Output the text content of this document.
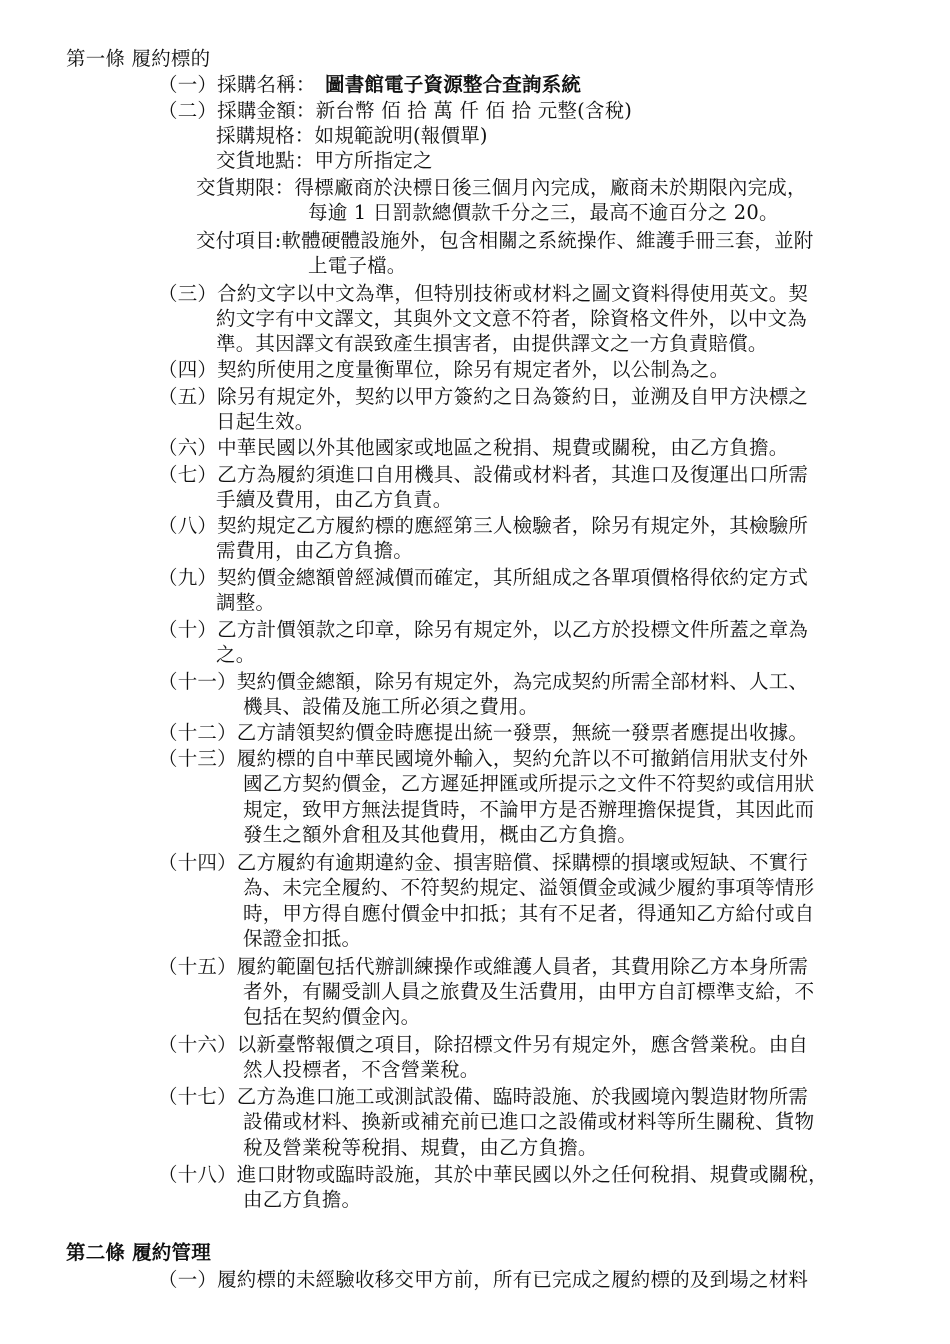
第一條 履約標的
（一）採購名稱： 圖書館電子資源整合查詢系統
（二）採購金額：新台幣 佰 拾 萬 仟 佰 拾 元整(含稅)
採購規格：如規範說明(報價單)
交貨地點：甲方所指定之
交貨期限：得標廠商於決標日後三個月內完成，廠商未於期限內完成，
每逾 1 日罰款總價款千分之三，最高不逾百分之 20。
交付項目:軟體硬體設施外，包含相關之系統操作、維護手冊三套，並附
上電子檔。
（三）合約文字以中文為準，但特別技術或材料之圖文資料得使用英文。契
約文字有中文譯文，其與外文文意不符者，除資格文件外，以中文為
準。其因譯文有誤致產生損害者，由提供譯文之一方負責賠償。
（四）契約所使用之度量衡單位，除另有規定者外，以公制為之。
（五）除另有規定外，契約以甲方簽約之日為簽約日，並溯及自甲方決標之
日起生效。
（六）中華民國以外其他國家或地區之稅捐、規費或關稅，由乙方負擔。
（七）乙方為履約須進口自用機具、設備或材料者，其進口及復運出口所需
手續及費用，由乙方負責。
（八）契約規定乙方履約標的應經第三人檢驗者，除另有規定外，其檢驗所
需費用，由乙方負擔。
（九）契約價金總額曾經減價而確定，其所組成之各單項價格得依約定方式
調整。
（十）乙方計價領款之印章，除另有規定外，以乙方於投標文件所蓋之章為
之。
（十一）契約價金總額，除另有規定外，為完成契約所需全部材料、人工、
機具、設備及施工所必須之費用。
（十二）乙方請領契約價金時應提出統一發票，無統一發票者應提出收據。
（十三）履約標的自中華民國境外輸入，契約允許以不可撤銷信用狀支付外
國乙方契約價金，乙方遲延押匯或所提示之文件不符契約或信用狀
規定，致甲方無法提貨時，不論甲方是否辦理擔保提貨，其因此而
發生之額外倉租及其他費用，概由乙方負擔。
（十四）乙方履約有逾期違約金、損害賠償、採購標的損壞或短缺、不實行
為、未完全履約、不符契約規定、溢領價金或減少履約事項等情形
時，甲方得自應付價金中扣抵；其有不足者，得通知乙方給付或自
保證金扣抵。
（十五）履約範圍包括代辦訓練操作或維護人員者，其費用除乙方本身所需
者外，有關受訓人員之旅費及生活費用，由甲方自訂標準支給，不
包括在契約價金內。
（十六）以新臺幣報價之項目，除招標文件另有規定外，應含營業稅。由自
然人投標者，不含營業稅。
（十七）乙方為進口施工或測試設備、臨時設施、於我國境內製造財物所需
設備或材料、換新或補充前已進口之設備或材料等所生關稅、貨物
稅及營業稅等稅捐、規費，由乙方負擔。
（十八）進口財物或臨時設施，其於中華民國以外之任何稅捐、規費或關稅，
由乙方負擔。
第二條 履約管理
（一）履約標的未經驗收移交甲方前，所有已完成之履約標的及到場之材料
